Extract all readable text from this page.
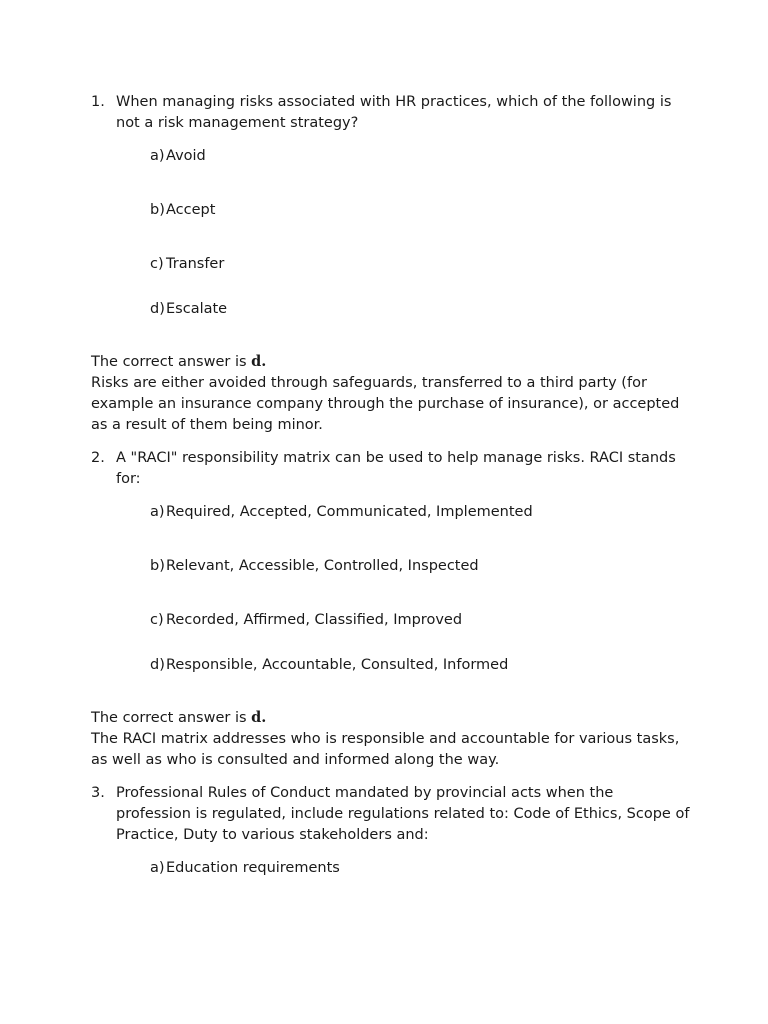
1. When managing risks associated with HR practices, which of the following is not a risk management strategy?
a) Avoid
b) Accept
c) Transfer
d) Escalate
The correct answer is d.
Risks are either avoided through safeguards, transferred to a third party (for example an insurance company through the purchase of insurance), or accepted as a result of them being minor.
2. A "RACI" responsibility matrix can be used to help manage risks. RACI stands for:
a) Required, Accepted, Communicated, Implemented
b) Relevant, Accessible, Controlled, Inspected
c) Recorded, Affirmed, Classified, Improved
d) Responsible, Accountable, Consulted, Informed
The correct answer is d.
The RACI matrix addresses who is responsible and accountable for various tasks, as well as who is consulted and informed along the way.
3. Professional Rules of Conduct mandated by provincial acts when the profession is regulated, include regulations related to: Code of Ethics, Scope of Practice, Duty to various stakeholders and:
a) Education requirements
